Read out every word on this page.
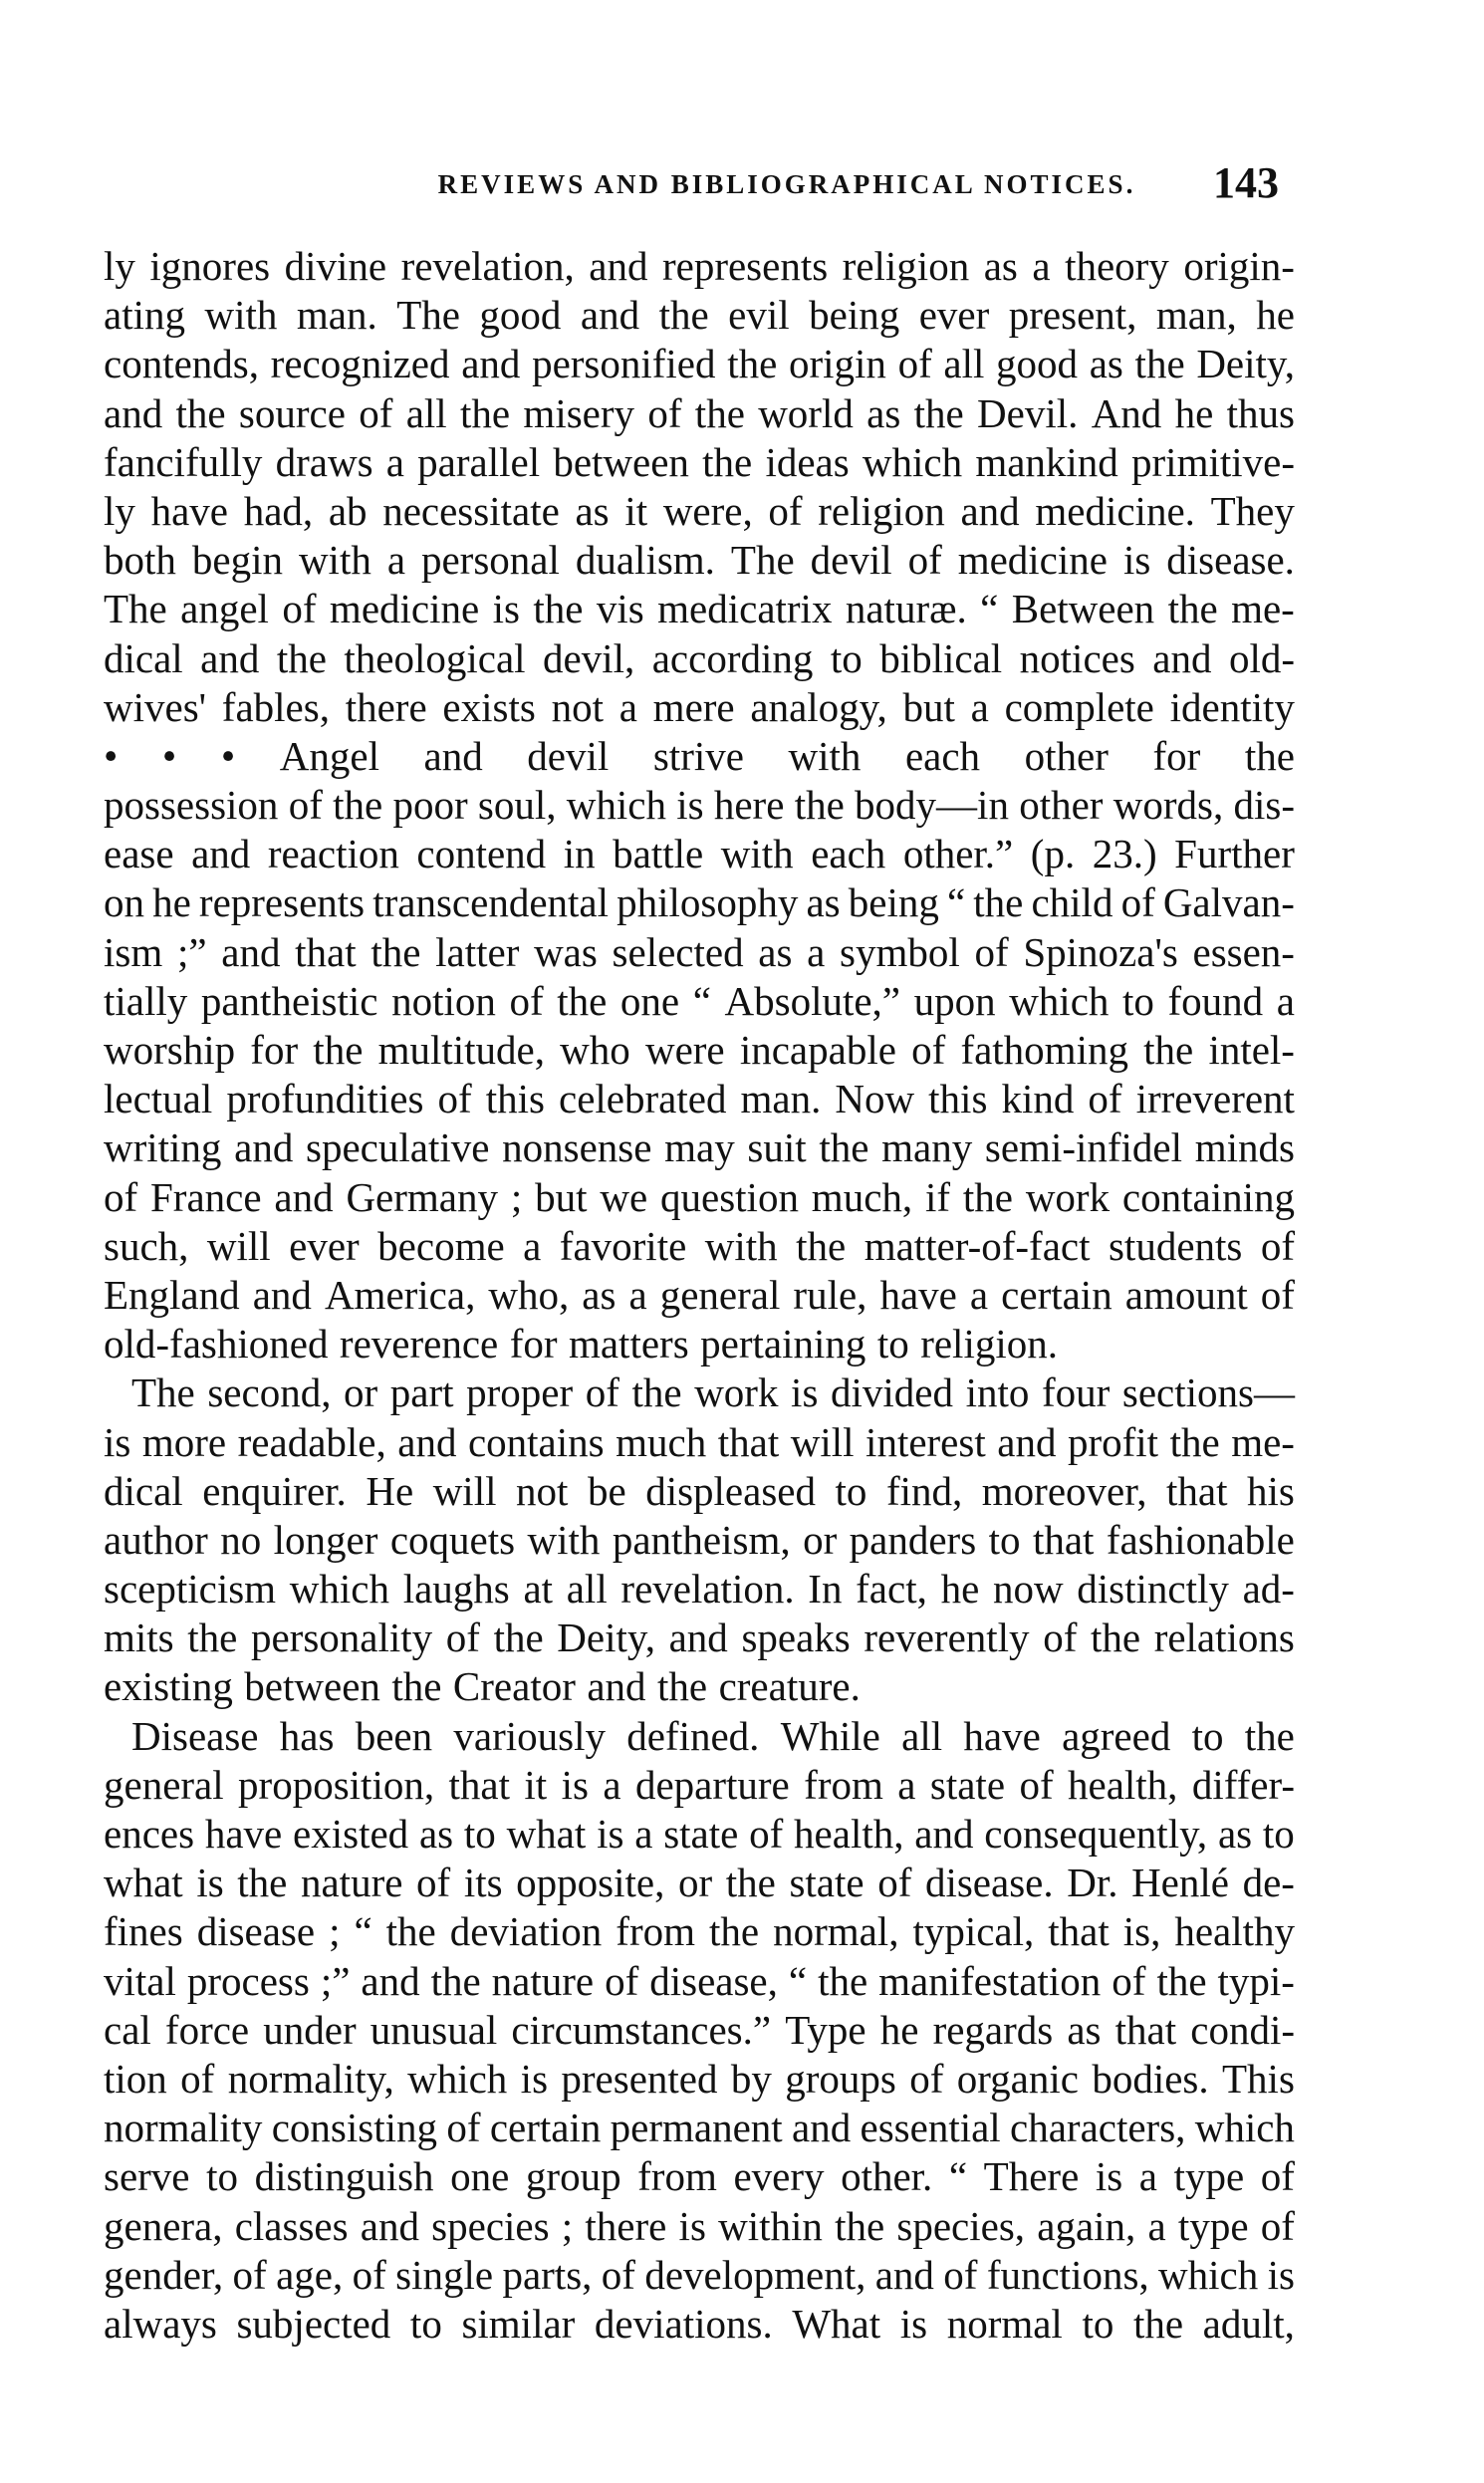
REVIEWS AND BIBLIOGRAPHICAL NOTICES.	143
ly ignores divine revelation, and represents religion as a theory origin-
ating with man. The good and the evil being ever present, man, he
contends, recognized and personified the origin of all good as the Deity,
and the source of all the misery of the world as the Devil. And he thus
fancifully draws a parallel between the ideas which mankind primitive-
ly have had, ab necessitate as it were, of religion and medicine. They
both begin with a personal dualism. The devil of medicine is disease.
The angel of medicine is the vis medicatrix naturæ. “ Between the me-
dical and the theological devil, according to biblical notices and old-
wives' fables, there exists not a mere analogy, but a complete identity
• • • Angel and devil strive with each other for the
possession of the poor soul, which is here the body—in other words, dis-
ease and reaction contend in battle with each other.” (p. 23.) Further
on he represents transcendental philosophy as being “ the child of Galvan-
ism ;” and that the latter was selected as a symbol of Spinoza's essen-
tially pantheistic notion of the one “ Absolute,” upon which to found a
worship for the multitude, who were incapable of fathoming the intel-
lectual profundities of this celebrated man. Now this kind of irreverent
writing and speculative nonsense may suit the many semi-infidel minds
of France and Germany ; but we question much, if the work containing
such, will ever become a favorite with the matter-of-fact students of
England and America, who, as a general rule, have a certain amount of
old-fashioned reverence for matters pertaining to religion.
The second, or part proper of the work is divided into four sections—
is more readable, and contains much that will interest and profit the me-
dical enquirer. He will not be displeased to find, moreover, that his
author no longer coquets with pantheism, or panders to that fashionable
scepticism which laughs at all revelation. In fact, he now distinctly ad-
mits the personality of the Deity, and speaks reverently of the relations
existing between the Creator and the creature.
Disease has been variously defined. While all have agreed to the
general proposition, that it is a departure from a state of health, differ-
ences have existed as to what is a state of health, and consequently, as to
what is the nature of its opposite, or the state of disease. Dr. Henlé de-
fines disease ; “ the deviation from the normal, typical, that is, healthy
vital process ;” and the nature of disease, “ the manifestation of the typi-
cal force under unusual circumstances.” Type he regards as that condi-
tion of normality, which is presented by groups of organic bodies. This
normality consisting of certain permanent and essential characters, which
serve to distinguish one group from every other. “ There is a type of
genera, classes and species ; there is within the species, again, a type of
gender, of age, of single parts, of development, and of functions, which is
always subjected to similar deviations. What is normal to the adult,
